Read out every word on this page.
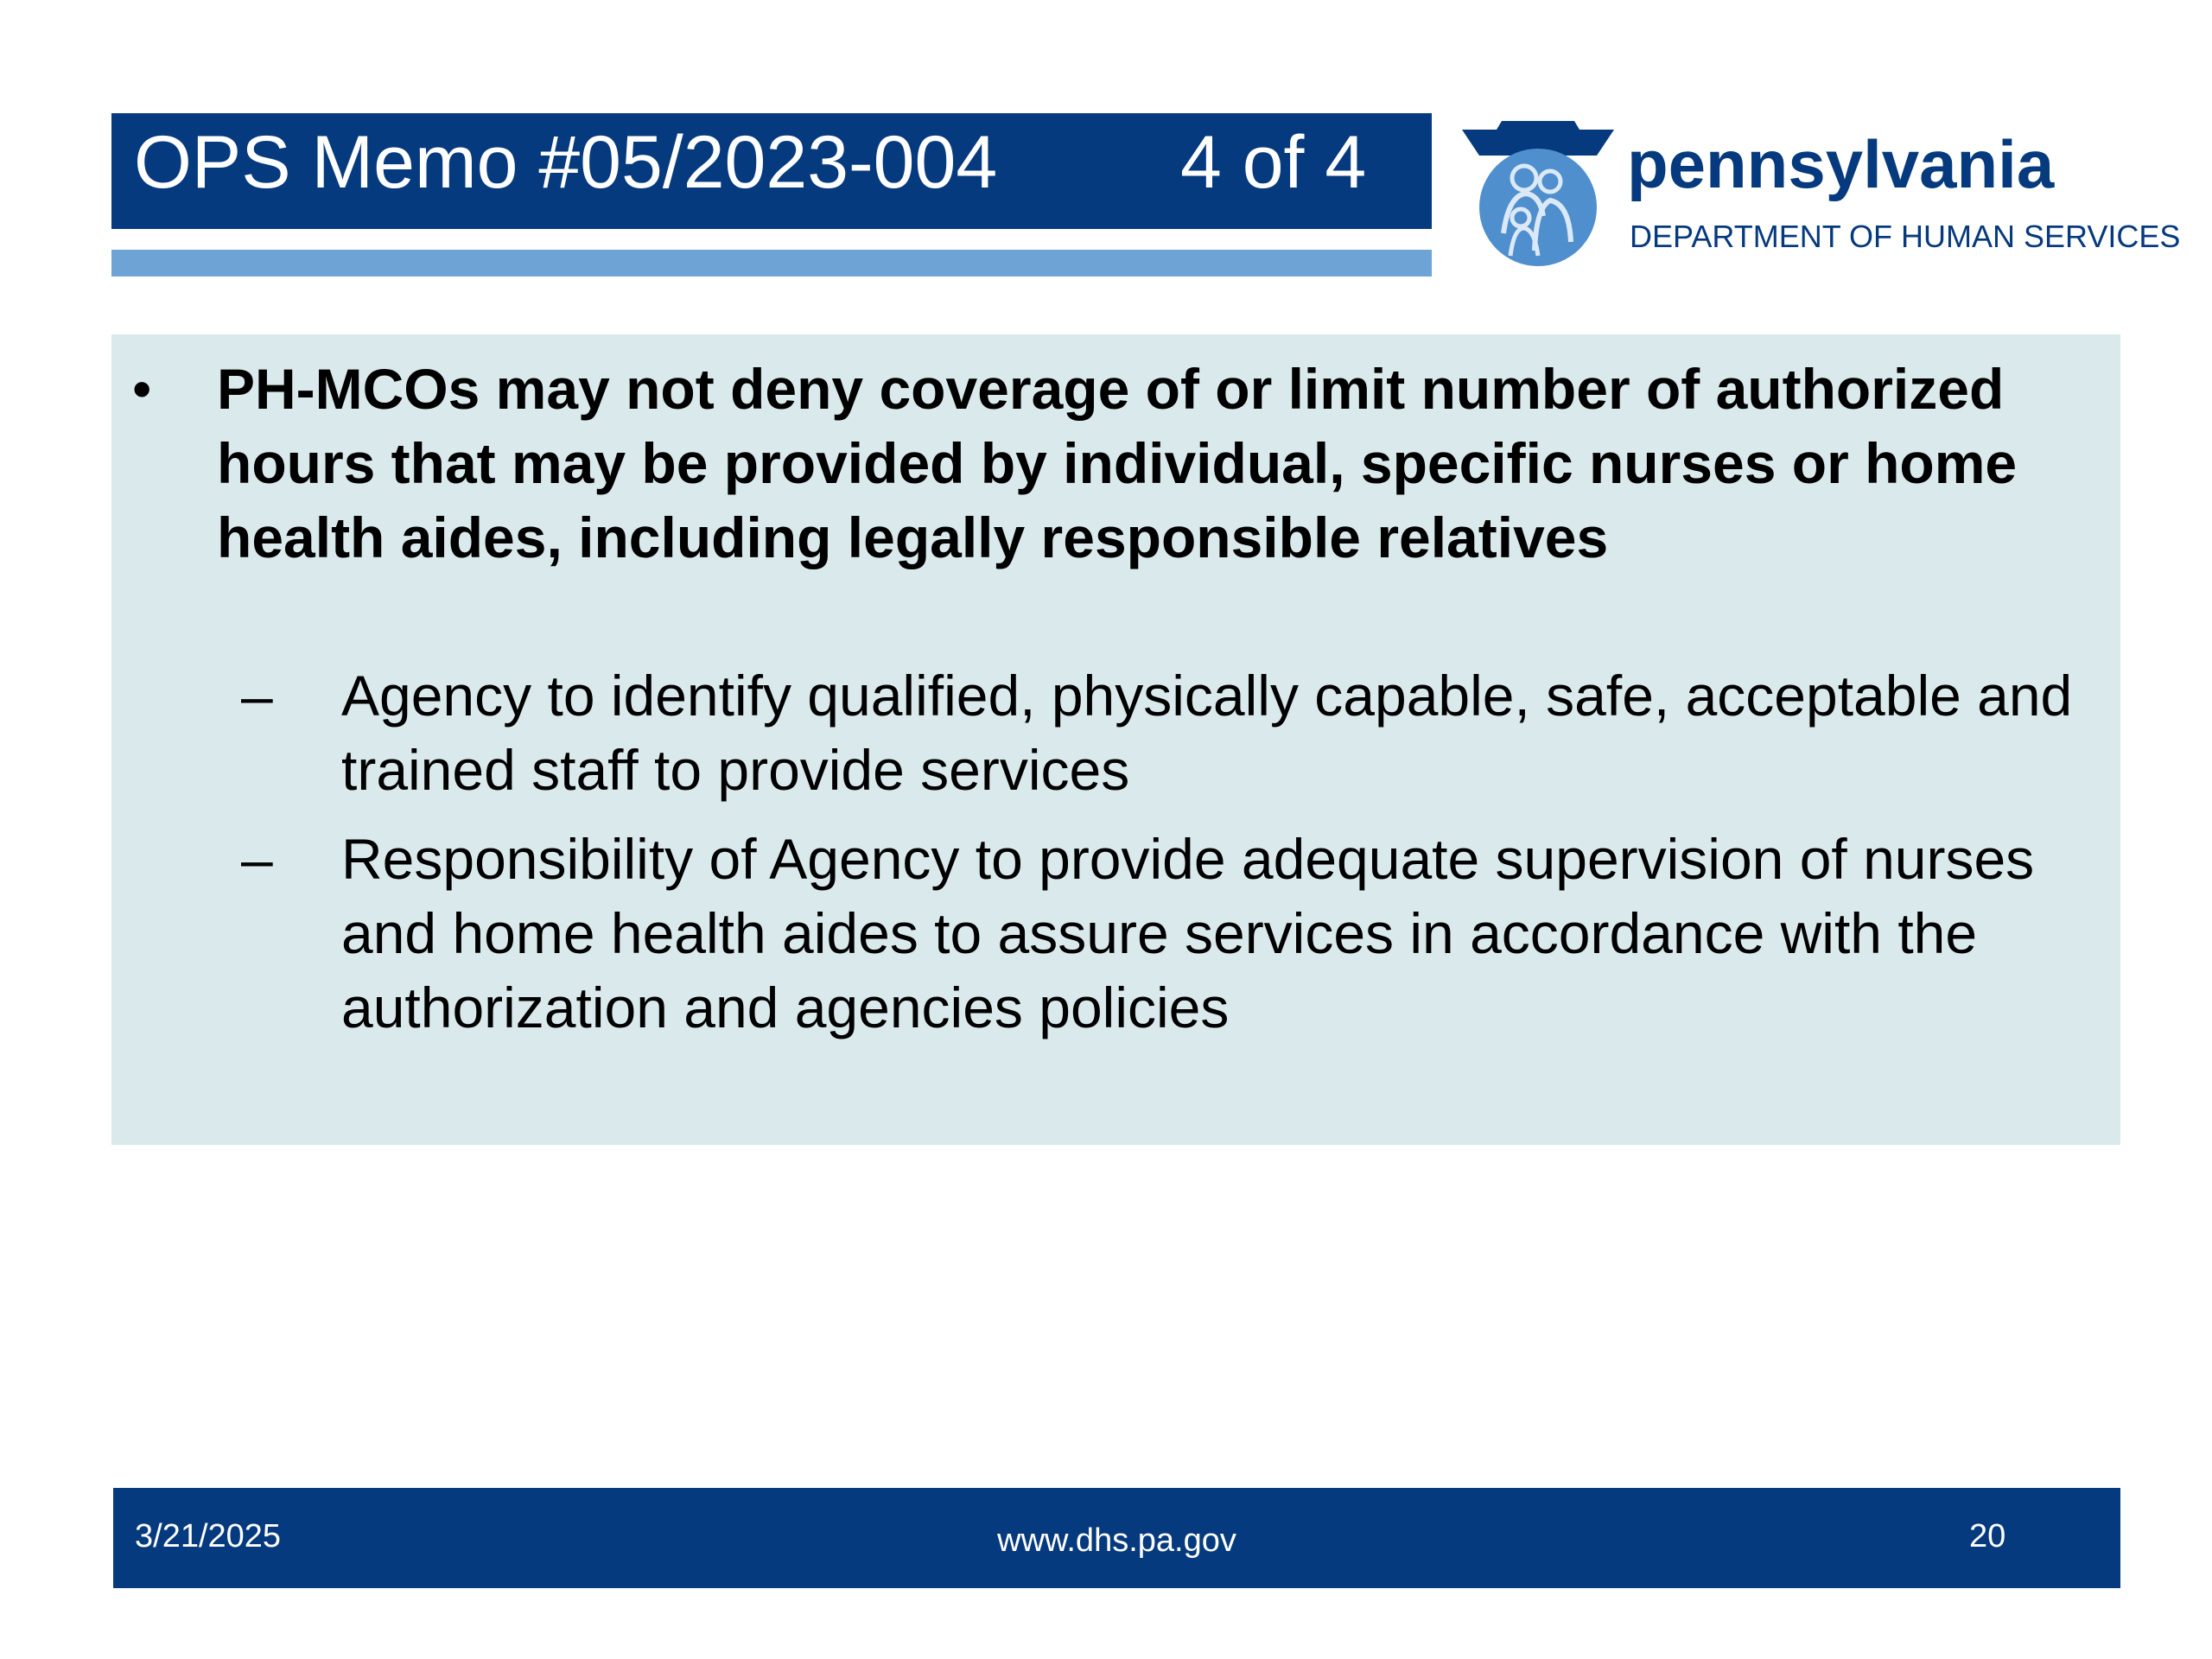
OPS Memo #05/2023-004 4 of 4	pennsylvania
DEPARTMENT OF HUMAN SERVICES
• PH-MCOs may not deny coverage of or limit number of authorized hours that may be provided by individual, specific nurses or home health aides, including legally responsible relatives
– Agency to identify qualified, physically capable, safe, acceptable and trained staff to provide services
– Responsibility of Agency to provide adequate supervision of nurses and home health aides to assure services in accordance with the authorization and agencies policies
3/21/2025	www.dhs.pa.gov	20
